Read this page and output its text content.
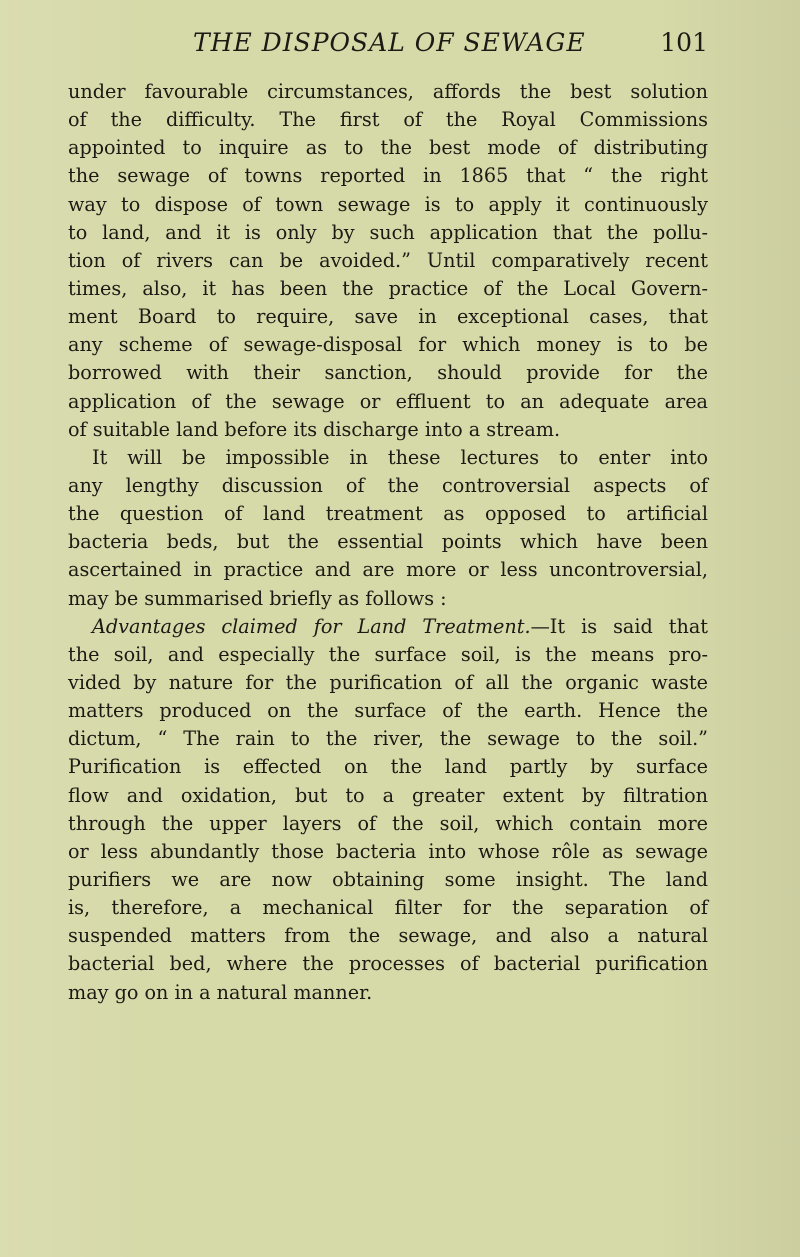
THE DISPOSAL OF SEWAGE	101
under favourable circumstances, affords the best solution
of the difficulty. The first of the Royal Commissions
appointed to inquire as to the best mode of distributing
the sewage of towns reported in 1865 that “ the right
way to dispose of town sewage is to apply it continuously
to land, and it is only by such application that the pollu-
tion of rivers can be avoided.” Until comparatively recent
times, also, it has been the practice of the Local Govern-
ment Board to require, save in exceptional cases, that
any scheme of sewage-disposal for which money is to be
borrowed with their sanction, should provide for the
application of the sewage or effluent to an adequate area
of suitable land before its discharge into a stream.
It will be impossible in these lectures to enter into
any lengthy discussion of the controversial aspects of
the question of land treatment as opposed to artificial
bacteria beds, but the essential points which have been
ascertained in practice and are more or less uncontroversial,
may be summarised briefly as follows :
Advantages claimed for Land Treatment.—It is said that
the soil, and especially the surface soil, is the means pro-
vided by nature for the purification of all the organic waste
matters produced on the surface of the earth. Hence the
dictum, “ The rain to the river, the sewage to the soil.”
Purification is effected on the land partly by surface
flow and oxidation, but to a greater extent by filtration
through the upper layers of the soil, which contain more
or less abundantly those bacteria into whose rôle as sewage
purifiers we are now obtaining some insight. The land
is, therefore, a mechanical filter for the separation of
suspended matters from the sewage, and also a natural
bacterial bed, where the processes of bacterial purification
may go on in a natural manner.
